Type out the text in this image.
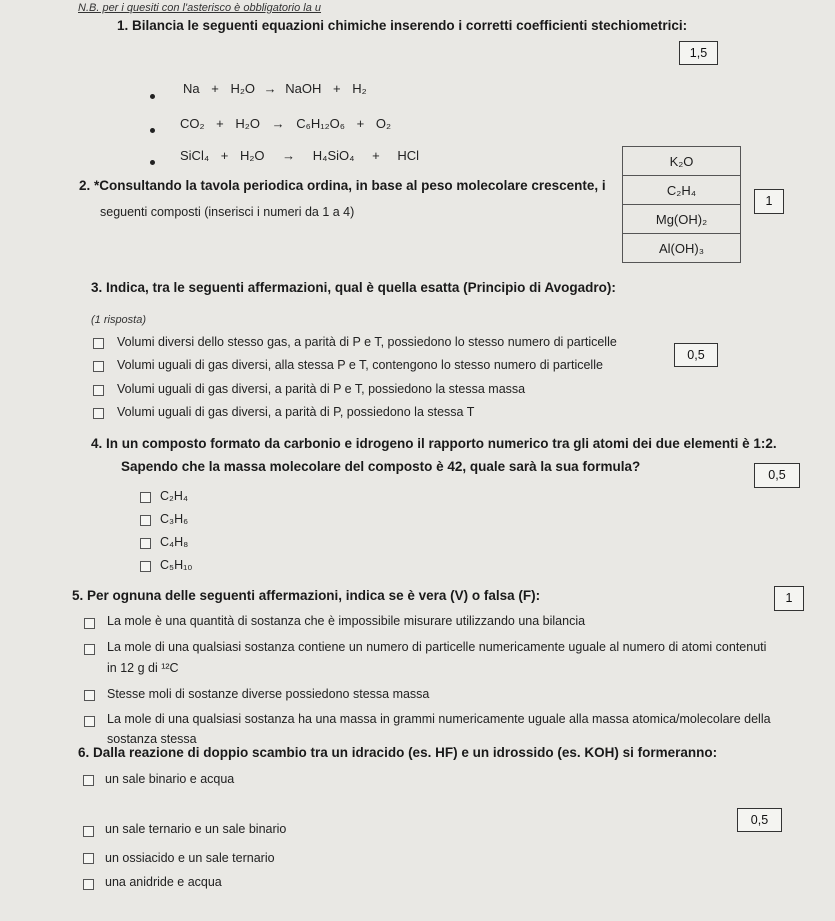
N.B. per i quesiti con l'asterisco è obbligatorio la u
1. Bilancia le seguenti equazioni chimiche inserendo i corretti coefficienti stechiometrici:
1,5
Na + H₂O → NaOH + H₂
CO₂ + H₂O → C₆H₁₂O₆ + O₂
SiCl₄ + H₂O → H₄SiO₄ + HCl
2. *Consultando la tavola periodica ordina, in base al peso molecolare crescente, i
seguenti composti (inserisci i numeri da 1 a 4)
K₂O
C₂H₄
Mg(OH)₂
Al(OH)₃
1
3. Indica, tra le seguenti affermazioni, qual è quella esatta (Principio di Avogadro):
(1 risposta)
0,5
Volumi diversi dello stesso gas, a parità di P e T, possiedono lo stesso numero di particelle
Volumi uguali di gas diversi, alla stessa P e T, contengono lo stesso numero di particelle
Volumi uguali di gas diversi, a parità di P e T, possiedono la stessa massa
Volumi uguali di gas diversi, a parità di P, possiedono la stessa T
4. In un composto formato da carbonio e idrogeno il rapporto numerico tra gli atomi dei due elementi è 1:2.
Sapendo che la massa molecolare del composto è 42, quale sarà la sua formula?
0,5
C₂H₄
C₃H₆
C₄H₈
C₅H₁₀
5. Per ognuna delle seguenti affermazioni, indica se è vera (V) o falsa (F):	1
La mole è una quantità di sostanza che è impossibile misurare utilizzando una bilancia
La mole di una qualsiasi sostanza contiene un numero di particelle numericamente uguale al numero di atomi contenuti
in 12 g di ¹²C
Stesse moli di sostanze diverse possiedono stessa massa
La mole di una qualsiasi sostanza ha una massa in grammi numericamente uguale alla massa atomica/molecolare della
sostanza stessa
6. Dalla reazione di doppio scambio tra un idracido (es. HF) e un idrossido (es. KOH) si formeranno:
0,5
un sale binario e acqua
un sale ternario e un sale binario
un ossiacido e un sale ternario
una anidride e acqua
